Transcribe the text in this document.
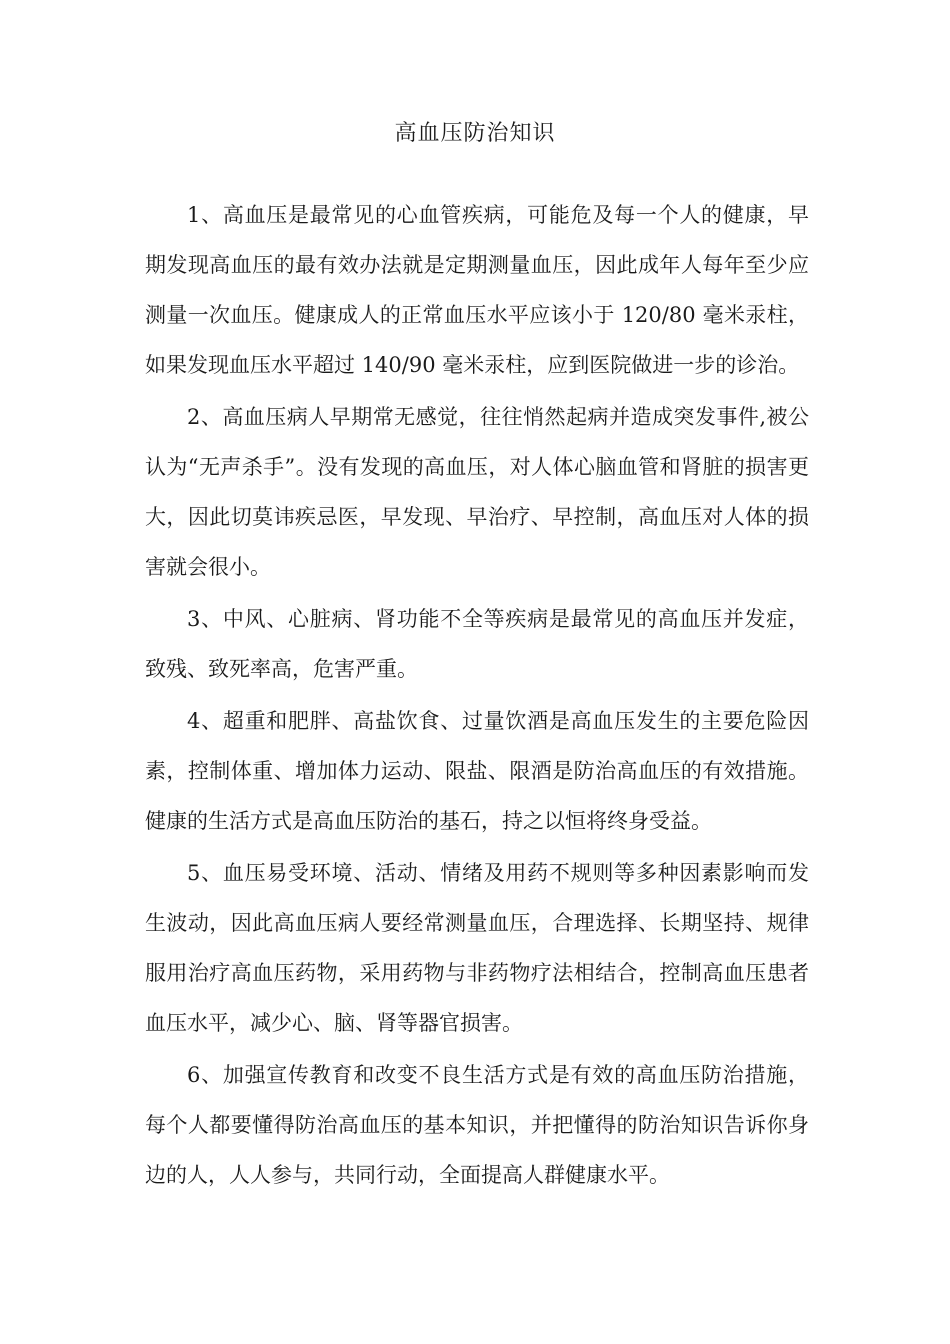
高血压防治知识

1、高血压是最常见的心血管疾病，可能危及每一个人的健康，早期发现高血压的最有效办法就是定期测量血压，因此成年人每年至少应测量一次血压。健康成人的正常血压水平应该小于 120/80 毫米汞柱，如果发现血压水平超过 140/90 毫米汞柱，应到医院做进一步的诊治。

2、高血压病人早期常无感觉，往往悄然起病并造成突发事件,被公认为“无声杀手”。没有发现的高血压，对人体心脑血管和肾脏的损害更大，因此切莫讳疾忌医，早发现、早治疗、早控制，高血压对人体的损害就会很小。

3、中风、心脏病、肾功能不全等疾病是最常见的高血压并发症，致残、致死率高，危害严重。

4、超重和肥胖、高盐饮食、过量饮酒是高血压发生的主要危险因素，控制体重、增加体力运动、限盐、限酒是防治高血压的有效措施。健康的生活方式是高血压防治的基石，持之以恒将终身受益。

5、血压易受环境、活动、情绪及用药不规则等多种因素影响而发生波动，因此高血压病人要经常测量血压，合理选择、长期坚持、规律服用治疗高血压药物，采用药物与非药物疗法相结合，控制高血压患者血压水平，减少心、脑、肾等器官损害。

6、加强宣传教育和改变不良生活方式是有效的高血压防治措施，每个人都要懂得防治高血压的基本知识，并把懂得的防治知识告诉你身边的人，人人参与，共同行动，全面提高人群健康水平。
